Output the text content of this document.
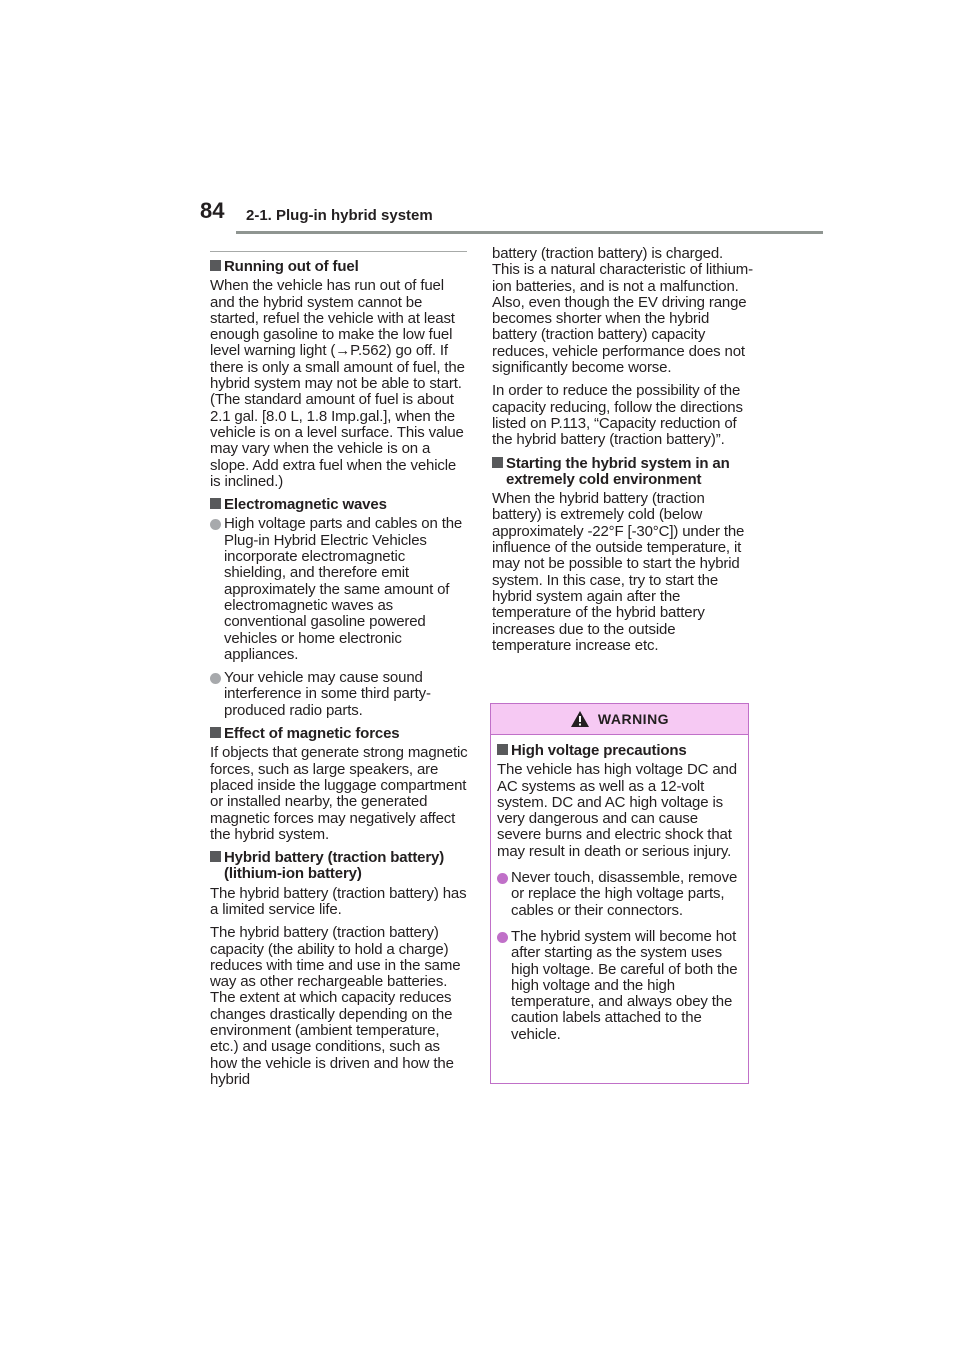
84 2-1. Plug-in hybrid system
Running out of fuel

When the vehicle has run out of fuel and the hybrid system cannot be started, refuel the vehicle with at least enough gasoline to make the low fuel level warning light (→P.562) go off. If there is only a small amount of fuel, the hybrid system may not be able to start. (The standard amount of fuel is about 2.1 gal. [8.0 L, 1.8 Imp.gal.], when the vehicle is on a level surface. This value may vary when the vehicle is on a slope. Add extra fuel when the vehicle is inclined.)

Electromagnetic waves
High voltage parts and cables on the Plug-in Hybrid Electric Vehicles incorporate electromagnetic shielding, and therefore emit approximately the same amount of electromagnetic waves as conventional gasoline powered vehicles or home electronic appliances.
Your vehicle may cause sound interference in some third party-produced radio parts.
Effect of magnetic forces

If objects that generate strong magnetic forces, such as large speakers, are placed inside the luggage compartment or installed nearby, the generated magnetic forces may negatively affect the hybrid system.

Hybrid battery (traction battery) (lithium-ion battery)

The hybrid battery (traction battery) has a limited service life.

The hybrid battery (traction battery) capacity (the ability to hold a charge) reduces with time and use in the same way as other rechargeable batteries. The extent at which capacity reduces changes drastically depending on the environment (ambient temperature, etc.) and usage conditions, such as how the vehicle is driven and how the hybrid

battery (traction battery) is charged. This is a natural characteristic of lithium-ion batteries, and is not a malfunction. Also, even though the EV driving range becomes shorter when the hybrid battery (traction battery) capacity reduces, vehicle performance does not significantly become worse.

In order to reduce the possibility of the capacity reducing, follow the directions listed on P.113, “Capacity reduction of the hybrid battery (traction battery)”.

Starting the hybrid system in an extremely cold environment

When the hybrid battery (traction battery) is extremely cold (below approximately -22°F [-30°C]) under the influence of the outside temperature, it may not be possible to start the hybrid system. In this case, try to start the hybrid system again after the temperature of the hybrid battery increases due to the outside temperature increase etc.

WARNING
High voltage precautions

The vehicle has high voltage DC and AC systems as well as a 12-volt system. DC and AC high voltage is very dangerous and can cause severe burns and electric shock that may result in death or serious injury.

Never touch, disassemble, remove or replace the high voltage parts, cables or their connectors.
The hybrid system will become hot after starting as the system uses high voltage. Be careful of both the high voltage and the high temperature, and always obey the caution labels attached to the vehicle.
